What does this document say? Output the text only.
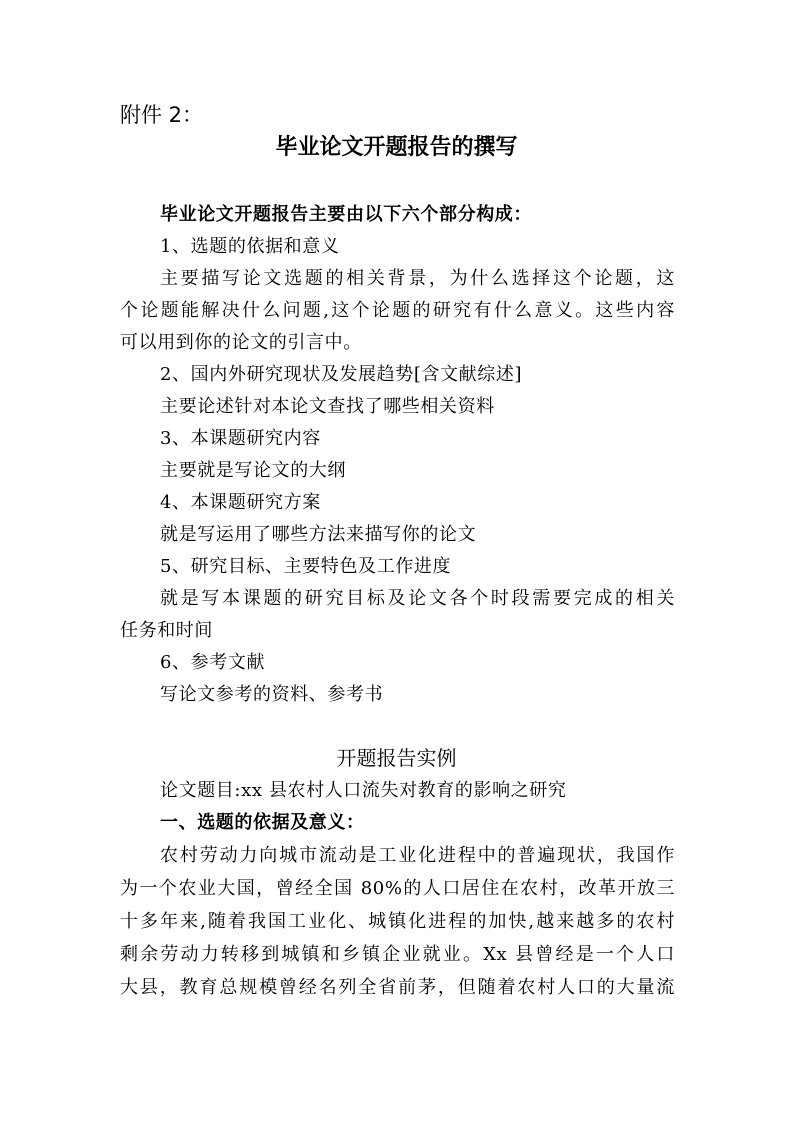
附件 2：
毕业论文开题报告的撰写
毕业论文开题报告主要由以下六个部分构成：
1、选题的依据和意义
主要描写论文选题的相关背景，为什么选择这个论题，这
个论题能解决什么问题,这个论题的研究有什么意义。这些内容
可以用到你的论文的引言中。
2、国内外研究现状及发展趋势[含文献综述]
主要论述针对本论文查找了哪些相关资料
3、本课题研究内容
主要就是写论文的大纲
4、本课题研究方案
就是写运用了哪些方法来描写你的论文
5、研究目标、主要特色及工作进度
就是写本课题的研究目标及论文各个时段需要完成的相关
任务和时间
6、参考文献
写论文参考的资料、参考书
开题报告实例
论文题目:xx 县农村人口流失对教育的影响之研究
一、选题的依据及意义：
农村劳动力向城市流动是工业化进程中的普遍现状，我国作
为一个农业大国，曾经全国 80%的人口居住在农村，改革开放三
十多年来,随着我国工业化、城镇化进程的加快,越来越多的农村
剩余劳动力转移到城镇和乡镇企业就业。Xx 县曾经是一个人口
大县，教育总规模曾经名列全省前茅，但随着农村人口的大量流
